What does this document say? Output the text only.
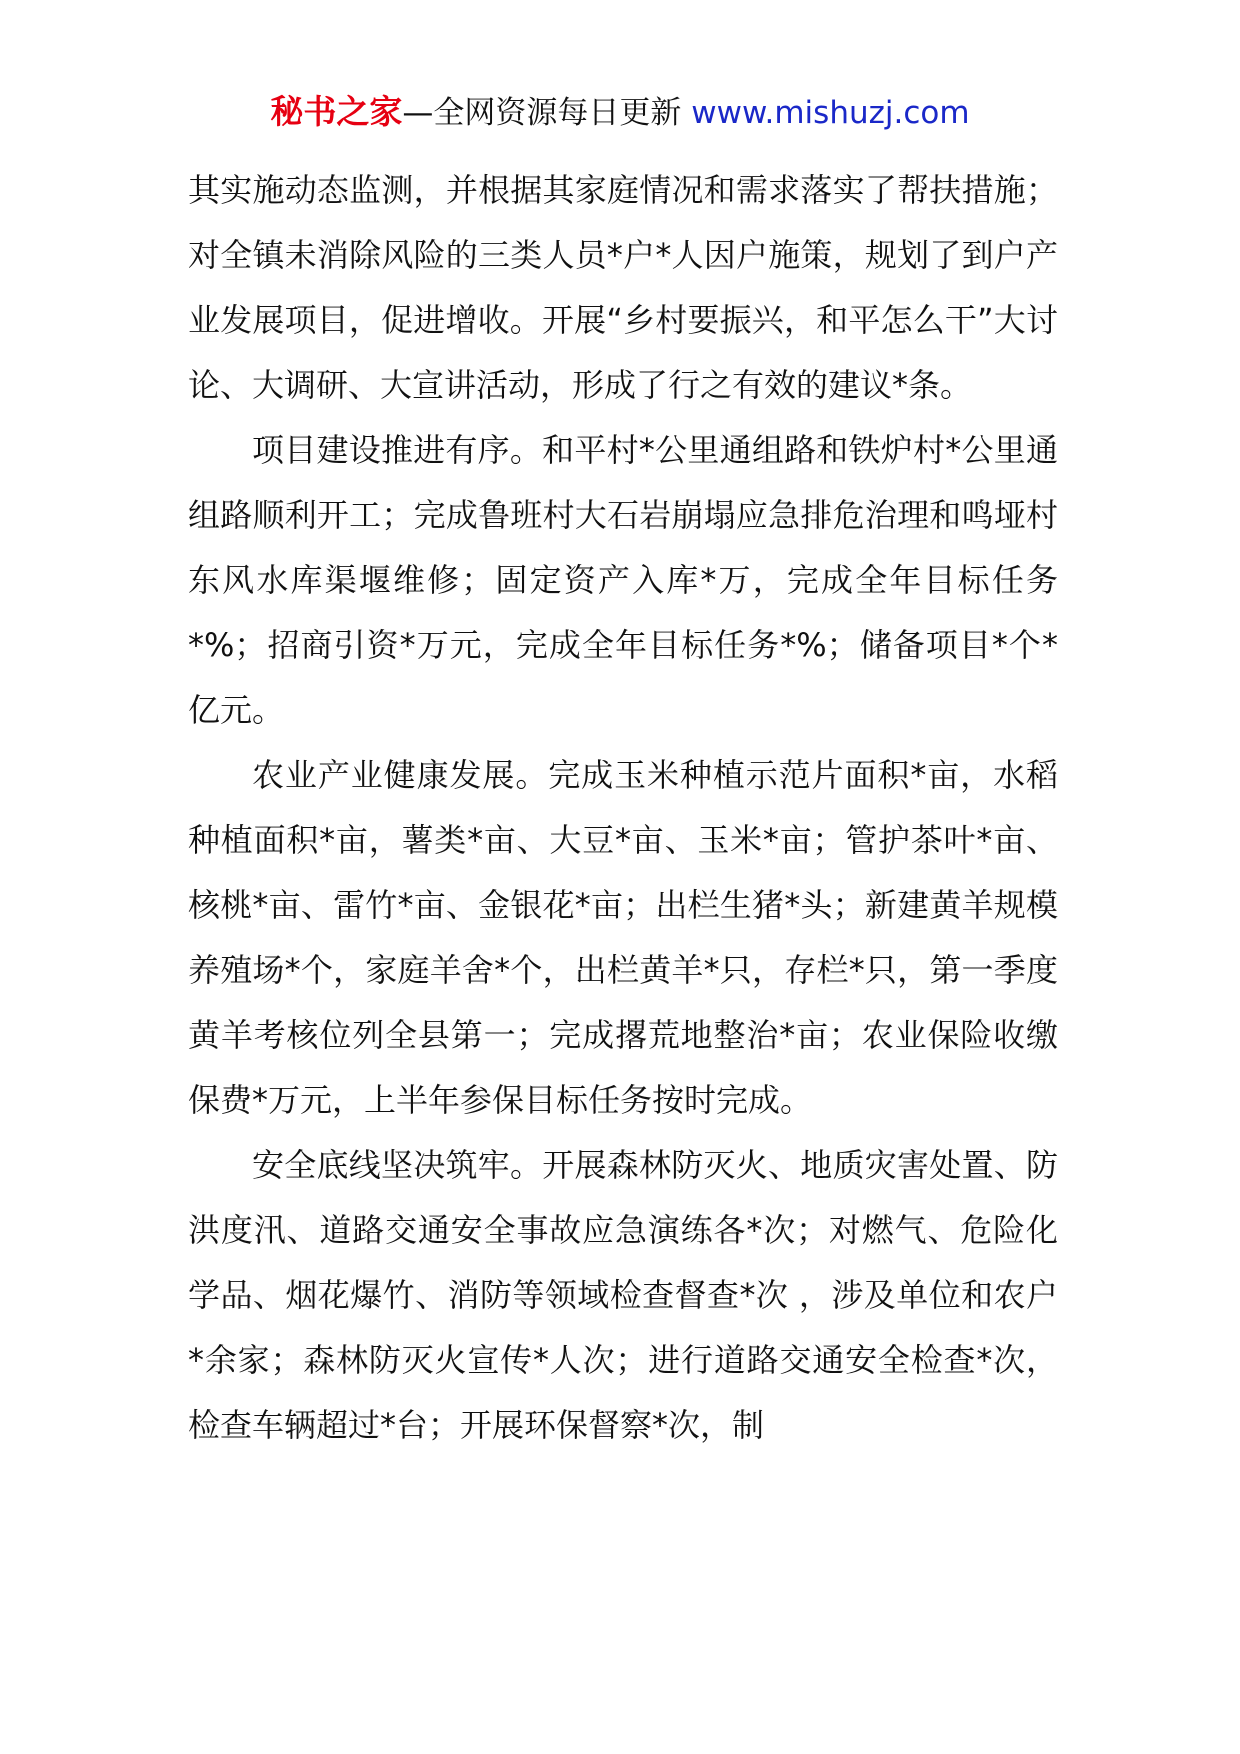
秘书之家—全网资源每日更新 www.mishuzj.com

其实施动态监测，并根据其家庭情况和需求落实了帮扶措施；对全镇未消除风险的三类人员*户*人因户施策，规划了到户产业发展项目，促进增收。开展“乡村要振兴，和平怎么干”大讨论、大调研、大宣讲活动，形成了行之有效的建议*条。

项目建设推进有序。和平村*公里通组路和铁炉村*公里通组路顺利开工；完成鲁班村大石岩崩塌应急排危治理和鸣垭村东风水库渠堰维修；固定资产入库*万，完成全年目标任务*%；招商引资*万元，完成全年目标任务*%；储备项目*个*亿元。

农业产业健康发展。完成玉米种植示范片面积*亩，水稻种植面积*亩，薯类*亩、大豆*亩、玉米*亩；管护茶叶*亩、核桃*亩、雷竹*亩、金银花*亩；出栏生猪*头；新建黄羊规模养殖场*个，家庭羊舍*个，出栏黄羊*只，存栏*只，第一季度黄羊考核位列全县第一；完成撂荒地整治*亩；农业保险收缴保费*万元，上半年参保目标任务按时完成。

安全底线坚决筑牢。开展森林防灭火、地质灾害处置、防洪度汛、道路交通安全事故应急演练各*次；对燃气、危险化学品、烟花爆竹、消防等领域检查督查*次 ，涉及单位和农户*余家；森林防灭火宣传*人次；进行道路交通安全检查*次，检查车辆超过*台；开展环保督察*次，制
